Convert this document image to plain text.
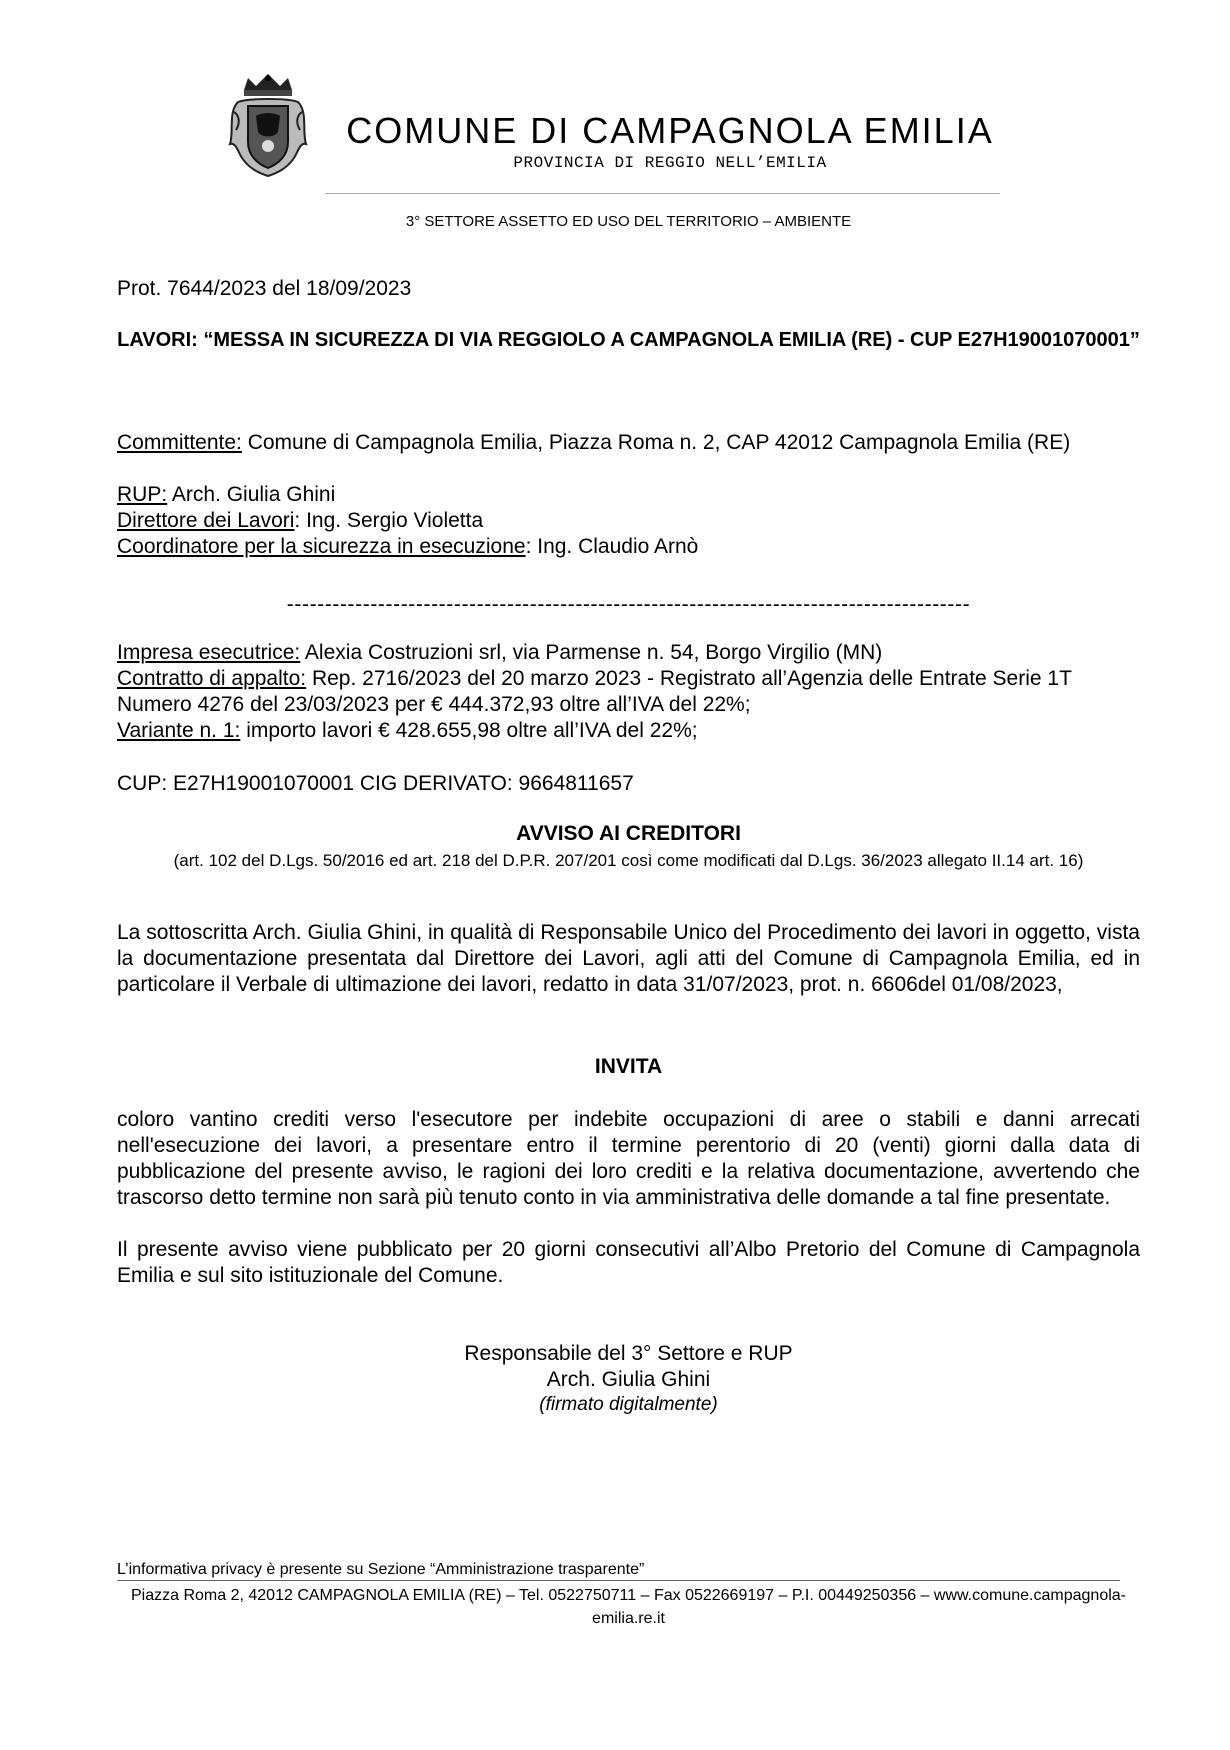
COMUNE DI CAMPAGNOLA EMILIA
PROVINCIA DI REGGIO NELL’EMILIA
3° SETTORE ASSETTO ED USO DEL TERRITORIO – AMBIENTE
Prot. 7644/2023 del 18/09/2023
LAVORI: “MESSA IN SICUREZZA DI VIA REGGIOLO A CAMPAGNOLA EMILIA (RE) - CUP E27H19001070001”
Committente: Comune di Campagnola Emilia, Piazza Roma n. 2, CAP 42012 Campagnola Emilia (RE)
RUP: Arch. Giulia Ghini
Direttore dei Lavori: Ing. Sergio Violetta
Coordinatore per la sicurezza in esecuzione: Ing. Claudio Arnò
------------------------------------------------------------------------------------------
Impresa esecutrice: Alexia Costruzioni srl, via Parmense n. 54, Borgo Virgilio (MN)
Contratto di appalto: Rep. 2716/2023 del 20 marzo 2023 - Registrato all’Agenzia delle Entrate Serie 1T Numero 4276 del 23/03/2023 per € 444.372,93 oltre all’IVA del 22%;
Variante n. 1: importo lavori € 428.655,98 oltre all’IVA del 22%;
CUP: E27H19001070001 CIG DERIVATO: 9664811657
AVVISO AI CREDITORI
(art. 102 del D.Lgs. 50/2016 ed art. 218 del D.P.R. 207/201 così come modificati dal D.Lgs. 36/2023 allegato II.14 art. 16)
La sottoscritta Arch. Giulia Ghini, in qualità di Responsabile Unico del Procedimento dei lavori in oggetto, vista la documentazione presentata dal Direttore dei Lavori, agli atti del Comune di Campagnola Emilia, ed in particolare il Verbale di ultimazione dei lavori, redatto in data 31/07/2023, prot. n. 6606del 01/08/2023,
INVITA
coloro vantino crediti verso l'esecutore per indebite occupazioni di aree o stabili e danni arrecati nell'esecuzione dei lavori, a presentare entro il termine perentorio di 20 (venti) giorni dalla data di pubblicazione del presente avviso, le ragioni dei loro crediti e la relativa documentazione, avvertendo che trascorso detto termine non sarà più tenuto conto in via amministrativa delle domande a tal fine presentate.
Il presente avviso viene pubblicato per 20 giorni consecutivi all’Albo Pretorio del Comune di Campagnola Emilia e sul sito istituzionale del Comune.
Responsabile del 3° Settore e RUP
Arch. Giulia Ghini
(firmato digitalmente)
L’informativa privacy è presente su Sezione “Amministrazione trasparente”
Piazza Roma 2, 42012 CAMPAGNOLA EMILIA (RE) – Tel. 0522750711 – Fax 0522669197 – P.I. 00449250356 – www.comune.campagnola-emilia.re.it
